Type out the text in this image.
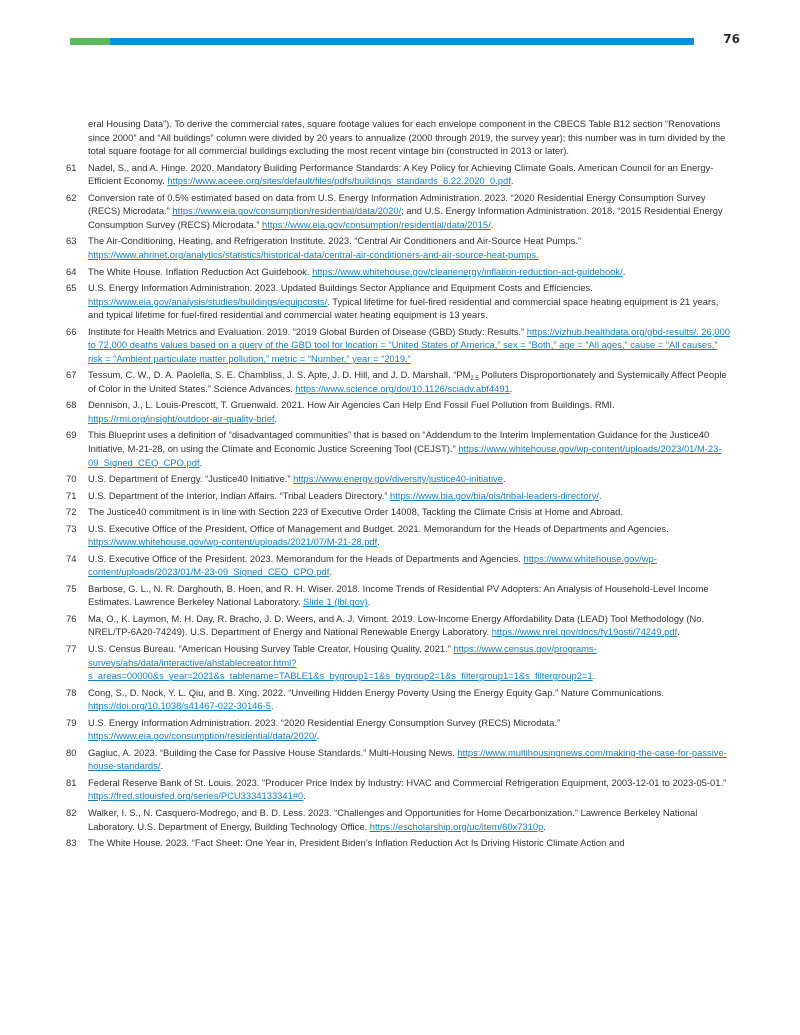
76
eral Housing Data”). To derive the commercial rates, square footage values for each envelope component in the CBECS Table B12 section “Renovations since 2000” and “All buildings” column were divided by 20 years to annualize (2000 through 2019, the survey year); this number was in turn divided by the total square footage for all commercial buildings excluding the most recent vintage bin (constructed in 2013 or later).
61	Nadel, S., and A. Hinge. 2020. Mandatory Building Performance Standards: A Key Policy for Achieving Climate Goals. American Council for an Energy-Efficient Economy. https://www.aceee.org/sites/default/files/pdfs/buildings_standards_6.22.2020_0.pdf.
62	Conversion rate of 0.5% estimated based on data from U.S. Energy Information Administration. 2023. “2020 Residential Energy Consumption Survey (RECS) Microdata.” https://www.eia.gov/consumption/residential/data/2020/; and U.S. Energy Information Administration. 2018. “2015 Residential Energy Consumption Survey (RECS) Microdata.” https://www.eia.gov/consumption/residential/data/2015/.
63	The Air-Conditioning, Heating, and Refrigeration Institute. 2023. “Central Air Conditioners and Air-Source Heat Pumps.” https://www.ahrinet.org/analytics/statistics/historical-data/central-air-conditioners-and-air-source-heat-pumps.
64	The White House. Inflation Reduction Act Guidebook. https://www.whitehouse.gov/cleanenergy/inflation-reduction-act-guidebook/.
65	U.S. Energy Information Administration. 2023. Updated Buildings Sector Appliance and Equipment Costs and Efficiencies. https://www.eia.gov/analysis/studies/buildings/equipcosts/. Typical lifetime for fuel-fired residential and commercial space heating equipment is 21 years, and typical lifetime for fuel-fired residential and commercial water heating equipment is 13 years.
66	Institute for Health Metrics and Evaluation. 2019. “2019 Global Burden of Disease (GBD) Study: Results.” https://vizhub.healthdata.org/gbd-results/. 26,000 to 72,000 deaths values based on a query of the GBD tool for location = “United States of America,” sex = “Both,” age = “All ages,” cause = “All causes,” risk = “Ambient particulate matter pollution,” metric = “Number,” year = “2019.”
67	Tessum, C. W., D. A. Paolella, S. E. Chambliss, J. S. Apte, J. D. Hill, and J. D. Marshall. “$PM_{2.5}$ Polluters Disproportionately and Systemically Affect People of Color in the United States.” Science Advances. https://www.science.org/doi/10.1126/sciadv.abf4491.
68	Dennison, J., L. Louis-Prescott, T. Gruenwald. 2021. How Air Agencies Can Help End Fossil Fuel Pollution from Buildings. RMI. https://rmi.org/insight/outdoor-air-quality-brief.
69	This Blueprint uses a definition of “disadvantaged communities” that is based on “Addendum to the Interim Implementation Guidance for the Justice40 Initiative, M-21-28, on using the Climate and Economic Justice Screening Tool (CEJST).” https://www.whitehouse.gov/wp-content/uploads/2023/01/M-23-09_Signed_CEQ_CPO.pdf.
70	U.S. Department of Energy. “Justice40 Initiative.” https://www.energy.gov/diversity/justice40-initiative.
71	U.S. Department of the Interior, Indian Affairs. “Tribal Leaders Directory.” https://www.bia.gov/bia/ois/tribal-leaders-directory/.
72	The Justice40 commitment is in line with Section 223 of Executive Order 14008, Tackling the Climate Crisis at Home and Abroad.
73	U.S. Executive Office of the President, Office of Management and Budget. 2021. Memorandum for the Heads of Departments and Agencies. https://www.whitehouse.gov/wp-content/uploads/2021/07/M-21-28.pdf.
74	U.S. Executive Office of the President. 2023. Memorandum for the Heads of Departments and Agencies. https://www.whitehouse.gov/wp-content/uploads/2023/01/M-23-09_Signed_CEQ_CPO.pdf.
75	Barbose, G. L., N. R. Darghouth, B. Hoen, and R. H. Wiser. 2018. Income Trends of Residential PV Adopters: An Analysis of Household-Level Income Estimates. Lawrence Berkeley National Laboratory. Slide 1 (lbl.gov).
76	Ma, O., K. Laymon, M. H. Day, R. Bracho, J. D. Weers, and A. J. Vimont. 2019. Low-Income Energy Affordability Data (LEAD) Tool Methodology (No. NREL/TP-6A20-74249). U.S. Department of Energy and National Renewable Energy Laboratory. https://www.nrel.gov/docs/fy19osti/74249.pdf.
77	U.S. Census Bureau. “American Housing Survey Table Creator, Housing Quality, 2021.” https://www.census.gov/programs-surveys/ahs/data/interactive/ahstablecreator.html?s_areas=00000&s_year=2021&s_tablename=TABLE1&s_bygroup1=1&s_bygroup2=1&s_filtergroup1=1&s_filtergroup2=1.
78	Cong, S., D. Nock, Y. L. Qiu, and B. Xing. 2022. “Unveiling Hidden Energy Poverty Using the Energy Equity Gap.” Nature Communications. https://doi.org/10.1038/s41467-022-30146-5.
79	U.S. Energy Information Administration. 2023. “2020 Residential Energy Consumption Survey (RECS) Microdata.” https://www.eia.gov/consumption/residential/data/2020/.
80	Gagiuc, A. 2023. “Building the Case for Passive House Standards.” Multi-Housing News. https://www.multihousingnews.com/making-the-case-for-passive-house-standards/.
81	Federal Reserve Bank of St. Louis. 2023. “Producer Price Index by Industry: HVAC and Commercial Refrigeration Equipment, 2003-12-01 to 2023-05-01.” https://fred.stlouisfed.org/series/PCU3334133341#0.
82	Walker, I. S., N. Casquero-Modrego, and B. D. Less. 2023. “Challenges and Opportunities for Home Decarbonization.” Lawrence Berkeley National Laboratory. U.S. Department of Energy, Building Technology Office. https://escholarship.org/uc/item/60x7310p.
83	The White House. 2023. “Fact Sheet: One Year in, President Biden’s Inflation Reduction Act Is Driving Historic Climate Action and
